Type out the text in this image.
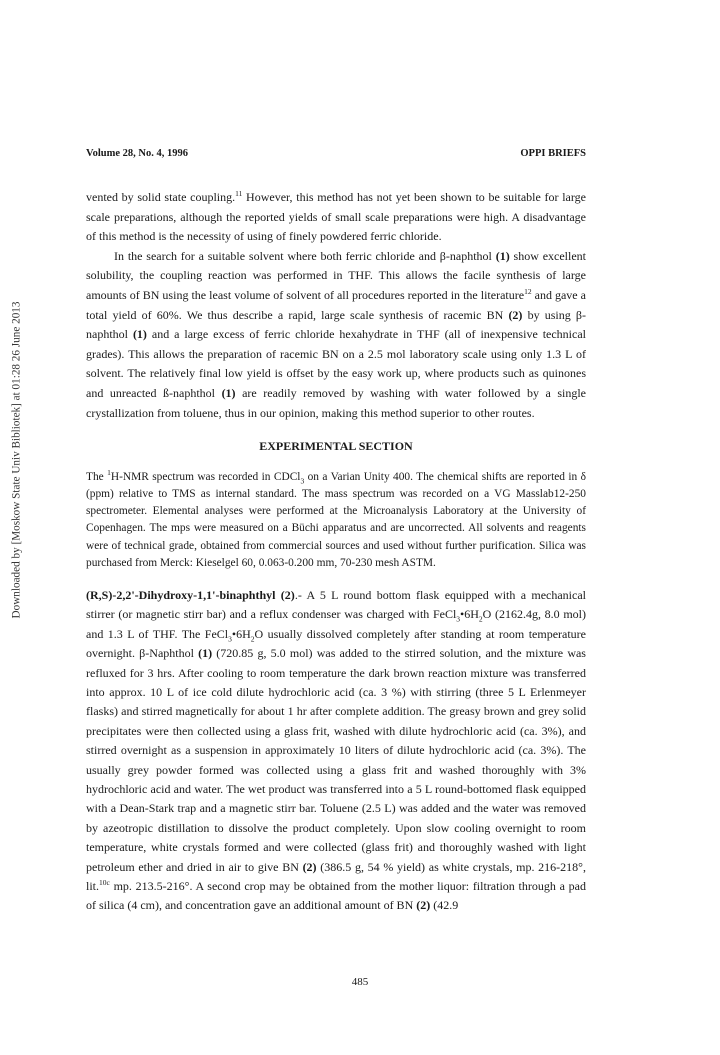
Downloaded by [Moskow State Univ Bibliotek] at 01:28 26 June 2013
Volume 28, No. 4, 1996	OPPI BRIEFS

vented by solid state coupling.$^{11}$ However, this method has not yet been shown to be suitable for large scale preparations, although the reported yields of small scale preparations were high. A disadvantage of this method is the necessity of using of finely powdered ferric chloride.

In the search for a suitable solvent where both ferric chloride and β-naphthol (1) show excellent solubility, the coupling reaction was performed in THF. This allows the facile synthesis of large amounts of BN using the least volume of solvent of all procedures reported in the literature$^{12}$ and gave a total yield of 60%. We thus describe a rapid, large scale synthesis of racemic BN (2) by using β-naphthol (1) and a large excess of ferric chloride hexahydrate in THF (all of inexpensive technical grades). This allows the preparation of racemic BN on a 2.5 mol laboratory scale using only 1.3 L of solvent. The relatively final low yield is offset by the easy work up, where products such as quinones and unreacted ß-naphthol (1) are readily removed by washing with water followed by a single crystallization from toluene, thus in our opinion, making this method superior to other routes.

EXPERIMENTAL SECTION

The $^1$H-NMR spectrum was recorded in CDCl$_3$ on a Varian Unity 400. The chemical shifts are reported in δ (ppm) relative to TMS as internal standard. The mass spectrum was recorded on a VG Masslab12-250 spectrometer. Elemental analyses were performed at the Microanalysis Laboratory at the University of Copenhagen. The mps were measured on a Büchi apparatus and are uncorrected. All solvents and reagents were of technical grade, obtained from commercial sources and used without further purification. Silica was purchased from Merck: Kieselgel 60, 0.063-0.200 mm, 70-230 mesh ASTM.

(R,S)-2,2'-Dihydroxy-1,1'-binaphthyl (2).- A 5 L round bottom flask equipped with a mechanical stirrer (or magnetic stirr bar) and a reflux condenser was charged with $FeCl_3•6H_2O$ (2162.4g, 8.0 mol) and 1.3 L of THF. The $FeCl_3•6H_2O$ usually dissolved completely after standing at room temperature overnight. β-Naphthol (1) (720.85 g, 5.0 mol) was added to the stirred solution, and the mixture was refluxed for 3 hrs. After cooling to room temperature the dark brown reaction mixture was transferred into approx. 10 L of ice cold dilute hydrochloric acid (ca. 3 %) with stirring (three 5 L Erlenmeyer flasks) and stirred magnetically for about 1 hr after complete addition. The greasy brown and grey solid precipitates were then collected using a glass frit, washed with dilute hydrochloric acid (ca. 3%), and stirred overnight as a suspension in approximately 10 liters of dilute hydrochloric acid (ca. 3%). The usually grey powder formed was collected using a glass frit and washed thoroughly with 3% hydrochloric acid and water. The wet product was transferred into a 5 L round-bottomed flask equipped with a Dean-Stark trap and a magnetic stirr bar. Toluene (2.5 L) was added and the water was removed by azeotropic distillation to dissolve the product completely. Upon slow cooling overnight to room temperature, white crystals formed and were collected (glass frit) and thoroughly washed with light petroleum ether and dried in air to give BN (2) (386.5 g, 54 % yield) as white crystals, mp. 216-218°, lit.$^{10c}$ mp. 213.5-216°. A second crop may be obtained from the mother liquor: filtration through a pad of silica (4 cm), and concentration gave an additional amount of BN (2) (42.9

485
